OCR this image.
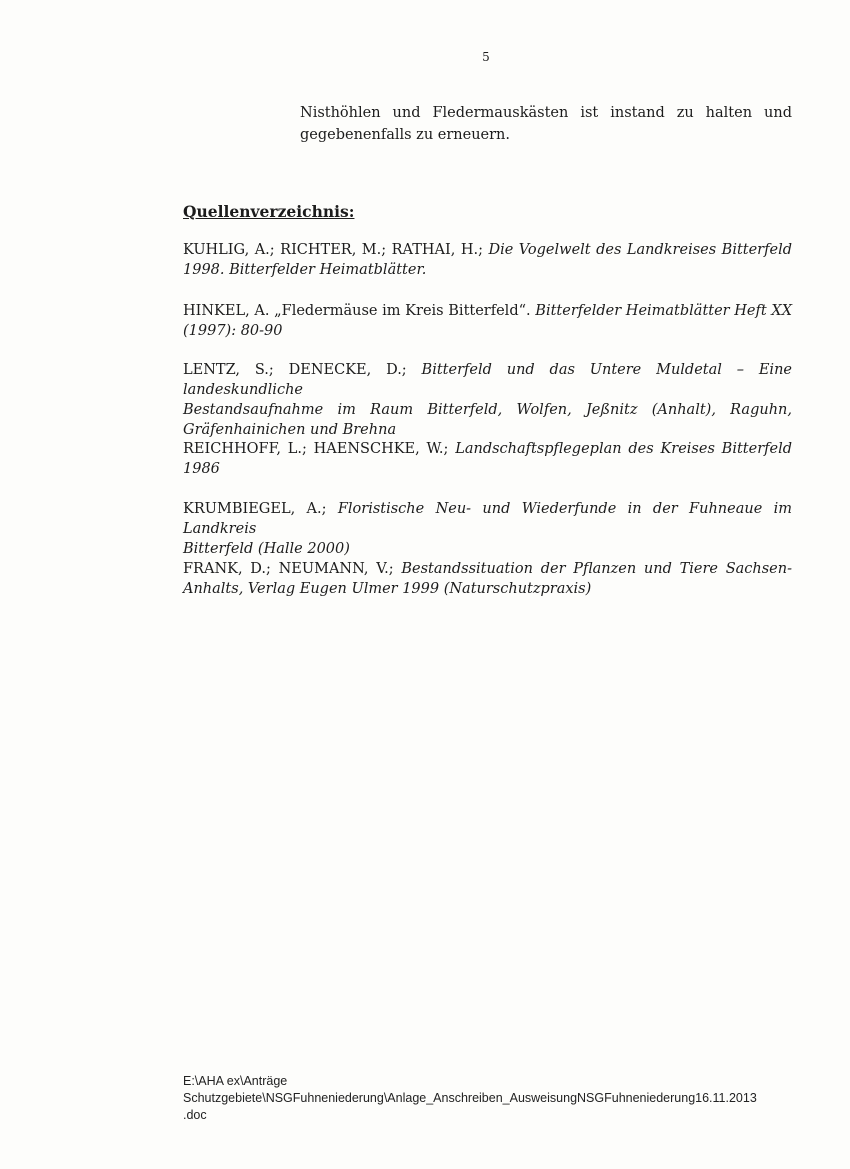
5
Nisthöhlen und Fledermauskästen ist instand zu halten und
gegebenenfalls zu erneuern.
Quellenverzeichnis:
KUHLIG, A.; RICHTER, M.; RATHAI, H.; Die Vogelwelt des Landkreises Bitterfeld
1998. Bitterfelder Heimatblätter.
HINKEL, A. „Fledermäuse im Kreis Bitterfeld“. Bitterfelder Heimatblätter Heft XX
(1997): 80-90
LENTZ, S.; DENECKE, D.; Bitterfeld und das Untere Muldetal – Eine landeskundliche
Bestandsaufnahme im Raum Bitterfeld, Wolfen, Jeßnitz (Anhalt), Raguhn,
Gräfenhainichen und Brehna
REICHHOFF, L.; HAENSCHKE, W.; Landschaftspflegeplan des Kreises Bitterfeld
1986
KRUMBIEGEL, A.; Floristische Neu- und Wiederfunde in der Fuhneaue im Landkreis
Bitterfeld (Halle 2000)
FRANK, D.; NEUMANN, V.; Bestandssituation der Pflanzen und Tiere Sachsen-
Anhalts, Verlag Eugen Ulmer 1999 (Naturschutzpraxis)
E:\AHA ex\Anträge
Schutzgebiete\NSGFuhneniederung\Anlage_Anschreiben_AusweisungNSGFuhneniederung16.11.2013
.doc
